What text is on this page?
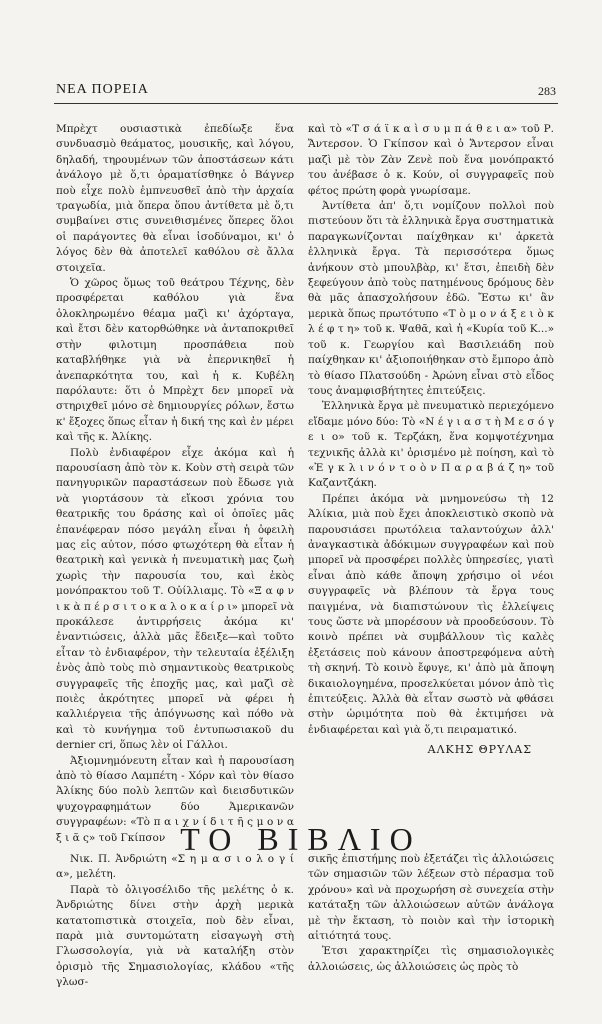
ΝΕΑ ΠΟΡΕΙΑ	283

Μπρὲχτ ουσιαστικὰ ἐπεδίωξε ἕνα συνδυασμὸ θεάματος, μουσικῆς, καὶ λόγου, δηλαδή, τηρουμένων τῶν ἀποστάσεων κάτι ἀνάλογο μὲ ὅ,τι ὁραματίσθηκε ὁ Βάγνερ ποὺ εἶχε πολὺ ἐμπνευσθεῖ ἀπὸ τὴν ἀρχαία τραγωδία, μιὰ ὅπερα ὅπου ἀντίθετα μὲ ὅ,τι συμβαίνει στις συνειθισμένες ὅπερες ὅλοι οἱ παράγοντες θὰ εἶναι ἰσοδύναμοι, κι' ὁ λόγος δὲν θὰ ἀποτελεῖ καθόλου σὲ ἄλλα στοιχεῖα.

Ὁ χῶρος ὅμως τοῦ θεάτρου Τέχνης, δὲν προσφέρεται καθόλου γιὰ ἕνα ὁλοκληρωμένο θέαμα μαζὶ κι' ἀχόρταγα, καὶ ἔτσι δὲν κατορθώθηκε νὰ ἀνταποκριθεῖ στὴν φιλοτιμη προσπάθεια ποὺ καταβλήθηκε γιὰ νὰ ἐπερνικηθεῖ ἡ ἀνεπαρκότητα του, καὶ ἡ κ. Κυβέλη παρόλαυτε: ὅτι ὁ Μπρὲχτ δεν μπορεῖ νὰ στηριχθεῖ μόνο σὲ δημιουργίες ρόλων, ἔστω κ' ἔξοχες ὅπως εἶταν ἡ δική της καὶ ἐν μέρει καὶ τῆς κ. Ἀλίκης.

Πολὺ ἐνδιαφέρον εἶχε ἀκόμα καὶ ἡ παρουσίαση ἀπὸ τὸν κ. Κοὺν στὴ σειρὰ τῶν πανηγυρικῶν παραστάσεων ποὺ ἔδωσε γιὰ νὰ γιορτάσουν τὰ εἴκοσι χρόνια του θεατρικῆς του δράσης καὶ οἱ ὁποῖες μᾶς ἐπανέφεραν πόσο μεγάλη εἶναι ἡ ὀφειλὴ μας εἰς αὐτον, πόσο φτωχότερη θὰ εἶταν ἡ θεατρικὴ καὶ γενικὰ ἡ πνευματικὴ μας ζωὴ χωρὶς τὴν παρουσία του, καὶ ἐκὸς μονόπρακτου τοῦ Τ. Οὐίλλιαμς. Τὸ «Ξ α φ ν ι κ ὰ π έ ρ σ ι τ ο κ α λ ο κ α ί ρ ι» μπορεῖ νὰ προκάλεσε ἀντιρρήσεις ἀκόμα κι' ἐναντιώσεις, ἀλλὰ μᾶς ἔδειξε—καὶ τοῦτο εἶταν τὸ ἐνδιαφέρον, τὴν τελευταία ἐξέλιξη ἑνὸς ἀπὸ τοὺς πιὸ σημαντικοὺς θεατρικοὺς συγγραφεῖς τῆς ἐποχῆς μας, καὶ μαζὶ σὲ ποιὲς ἀκρότητες μπορεῖ νὰ φέρει ἡ καλλιέργεια τῆς ἀπόγνωσης καὶ πόθο νὰ καὶ τὸ κυνήγημα τοῦ ἐντυπωσιακοῦ du dernier cri, ὅπως λὲν οἱ Γάλλοι.

Ἀξιομνημόνευτη εἶταν καὶ ἡ παρουσίαση ἀπὸ τὸ θίασο Λαμπέτη - Χόρν καὶ τὸν θίασο Ἀλίκης δύο πολὺ λεπτῶν καὶ διεισδυτικῶν ψυχογραφημάτων δύο Ἀμερικανῶν συγγραφέων: «Τὸ π α ι χ ν ί δ ι τ ῆ ς μ ο ν α ξ ι ᾶ ς» τοῦ Γκίπσον

καὶ τὸ «Τ σ ά ϊ κ α ὶ σ υ μ π ά θ ε ι α» τοῦ Ρ. Ἄντερσον. Ὁ Γκίπσον καὶ ὁ Ἄντερσον εἶναι μαζὶ μὲ τὸν Ζὰν Ζενὲ ποὺ ἕνα μονόπρακτό του ἀνέβασε ὁ κ. Κούν, οἱ συγγραφεῖς ποὺ φέτος πρώτη φορὰ γνωρίσαμε.

Ἀντίθετα ἀπ' ὅ,τι νομίζουν πολλοὶ ποὺ πιστεύουν ὅτι τὰ ἑλληνικὰ ἔργα συστηματικὰ παραγκωνίζονται παίχθηκαν κι' ἀρκετὰ ἑλληνικὰ ἔργα. Τὰ περισσότερα ὅμως ἀνήκουν στὸ μπουλβὰρ, κι' ἔτσι, ἐπειδὴ δὲν ξεφεύγουν ἀπὸ τοὺς πατημένους δρόμους δὲν θὰ μᾶς ἀπασχολήσουν ἐδῶ. Ἔστω κι' ἂν μερικὰ ὅπως πρωτότυπο «Τ ὸ μ ο ν ά ξ ε ι ὸ κ λ έ φ τ η» τοῦ κ. Ψαθᾶ, καὶ ἡ «Κυρία τοῦ Κ...» τοῦ κ. Γεωργίου καὶ Βασιλειάδη ποὺ παίχθηκαν κι' ἀξιοποιήθηκαν στὸ ἔμπορο ἀπὸ τὸ θίασο Πλατσούδη - Ἀρώνη εἶναι στὸ εἶδος τους ἀναμφισβήτητες ἐπιτεύξεις.

Ἑλληνικὰ ἔργα μὲ πνευματικὸ περιεχόμενο εἴδαμε μόνο δύο: Τὸ «Ν έ γ ι α σ τ ὴ Μ ε σ ό γ ε ι ο» τοῦ κ. Τερζάκη, ἕνα κομψοτέχνημα τεχνικῆς ἀλλὰ κι' ὁρισμένο μὲ ποίηση, καὶ τὸ «Ἐ γ κ λ ι ν ό ν τ ο ὸ ν Π α ρ α β ά ζ η» τοῦ Καζαντζάκη.

Πρέπει ἀκόμα νὰ μνημονεύσω τὴ 12 Ἀλίκια, μιὰ ποὺ ἔχει ἀποκλειστικὸ σκοπὸ νὰ παρουσιάσει πρωτόλεια ταλαντούχων ἀλλ' ἀναγκαστικὰ ἀδόκιμων συγγραφέων καὶ ποὺ μπορεῖ νὰ προσφέρει πολλὲς ὑπηρεσίες, γιατὶ εἶναι ἀπὸ κάθε ἄποψη χρήσιμο οἱ νέοι συγγραφεῖς νὰ βλέπουν τὰ ἔργα τους παιγμένα, νὰ διαπιστώνουν τὶς ἐλλείψεις τους ὥστε νὰ μπορέσουν νὰ προοδεύσουν. Τὸ κοινὸ πρέπει νὰ συμβάλλουν τὶς καλὲς ἐξετάσεις ποὺ κάνουν ἀποστρεφόμενα αὐτὴ τὴ σκηνή. Τὸ κοινὸ ἔφυγε, κι' ἀπὸ μὰ ἄποψη δικαιολογημένα, προσελκύεται μόνον ἀπὸ τὶς ἐπιτεύξεις. Ἀλλὰ θὰ εἶταν σωστὸ νὰ φθάσει στὴν ὡριμότητα ποὺ θὰ ἐκτιμήσει νὰ ἐνδιαφέρεται καὶ γιὰ ὅ,τι πειραματικό.

ΑΛΚΗΣ ΘΡΥΛΑΣ
ΤΟ ΒΙΒΛΙΟ

Νικ. Π. Ἀνδριώτη «Σ η μ α σ ι ο λ ο γ ί α», μελέτη.

Παρὰ τὸ ὀλιγοσέλιδο τῆς μελέτης ὁ κ. Ἀνδριώτης δίνει στὴν ἀρχὴ μερικὰ κατατοπιστικὰ στοιχεῖα, ποὺ δὲν εἶναι, παρὰ μιὰ συντομώτατη εἰσαγωγὴ στὴ Γλωσσολογία, γιὰ νὰ καταλήξη στὸν ὁρισμὸ τῆς Σημασιολογίας, κλάδου «τῆς γλωσ-

σικῆς ἐπιστήμης ποὺ ἐξετάζει τὶς ἀλλοιώσεις τῶν σημασιῶν τῶν λέξεων στὸ πέρασμα τοῦ χρόνου» καὶ νὰ προχωρήση σὲ συνεχεία στὴν κατάταξη τῶν ἀλλοιώσεων αὐτῶν ἀνάλογα μὲ τὴν ἔκταση, τὸ ποιὸν καὶ τὴν ἱστορικὴ αἰτιότητά τους.

Ἐτσι χαρακτηρίζει τὶς σημασιολογικὲς ἀλλοιώσεις, ὡς ἀλλοιώσεις ὡς πρὸς τὸ
